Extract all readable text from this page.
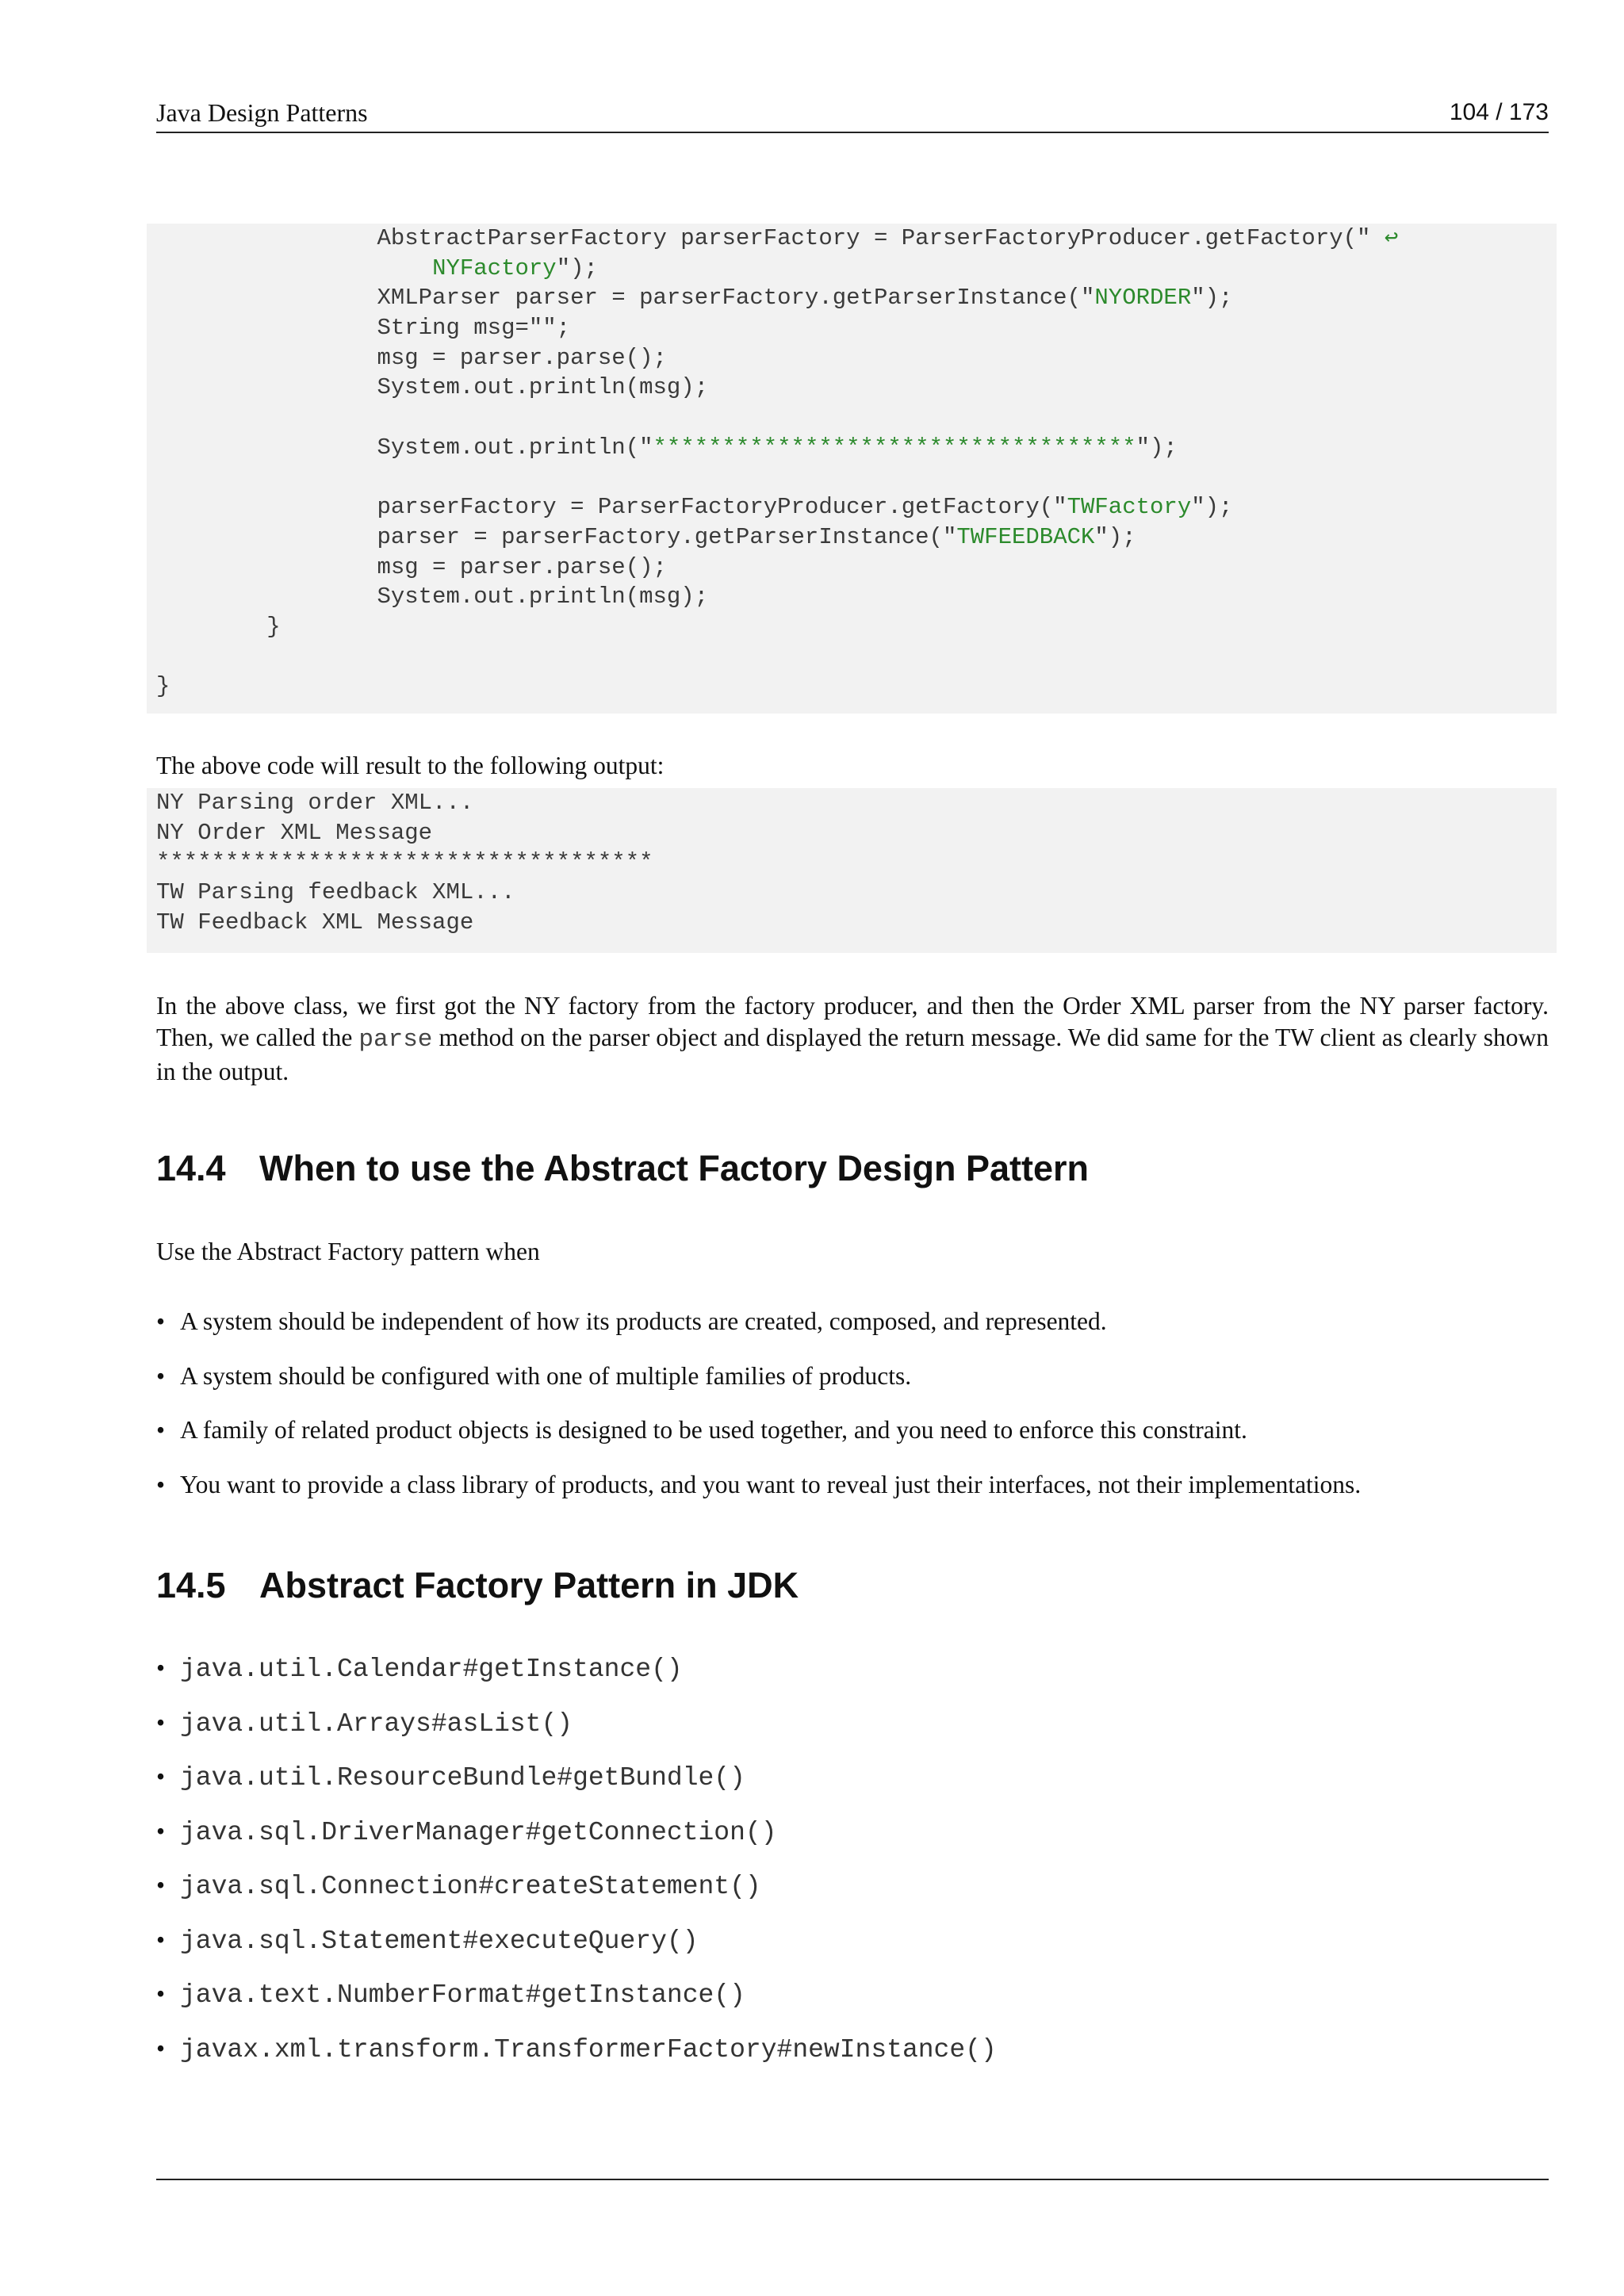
Java Design Patterns	104 / 173
AbstractParserFactory parserFactory = ParserFactoryProducer.getFactory(" ↩
NYFactory");
XMLParser parser = parserFactory.getParserInstance("NYORDER");
String msg="";
msg = parser.parse();
System.out.println(msg);
System.out.println("***********************************");
parserFactory = ParserFactoryProducer.getFactory("TWFactory");
parser = parserFactory.getParserInstance("TWFEEDBACK");
msg = parser.parse();
System.out.println(msg);
}
}

The above code will result to the following output:

NY Parsing order XML...
NY Order XML Message
************************************
TW Parsing feedback XML...
TW Feedback XML Message

In the above class, we first got the NY factory from the factory producer, and then the Order XML parser from the NY parser factory. Then, we called the parse method on the parser object and displayed the return message. We did same for the TW client as clearly shown in the output.

14.4 When to use the Abstract Factory Design Pattern

Use the Abstract Factory pattern when

• A system should be independent of how its products are created, composed, and represented.
• A system should be configured with one of multiple families of products.
• A family of related product objects is designed to be used together, and you need to enforce this constraint.
• You want to provide a class library of products, and you want to reveal just their interfaces, not their implementations.
14.5 Abstract Factory Pattern in JDK
• java.util.Calendar#getInstance()
• java.util.Arrays#asList()
• java.util.ResourceBundle#getBundle()
• java.sql.DriverManager#getConnection()
• java.sql.Connection#createStatement()
• java.sql.Statement#executeQuery()
• java.text.NumberFormat#getInstance()
• javax.xml.transform.TransformerFactory#newInstance()
